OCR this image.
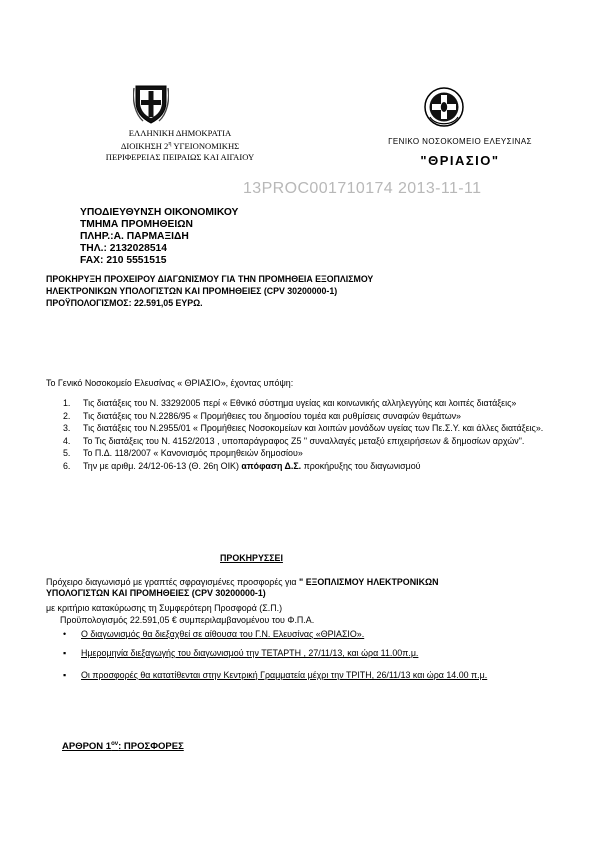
ΕΛΛΗΝΙΚΗ ΔΗΜΟΚΡΑΤΙΑ
ΔΙΟΙΚΗΣΗ $2^\eta$ ΥΓΕΙΟΝΟΜΙΚΗΣ
ΠΕΡΙΦΕΡΕΙΑΣ ΠΕΙΡΑΙΩΣ ΚΑΙ ΑΙΓΑΙΟΥ
ΓΕΝΙΚΟ ΝΟΣΟΚΟΜΕΙΟ ΕΛΕΥΣΙΝΑΣ
"ΘΡΙΑΣΙΟ"
13PROC001710174 2013-11-11
ΥΠΟΔΙΕΥΘΥΝΣΗ ΟΙΚΟΝΟΜΙΚΟΥ
ΤΜΗΜΑ ΠΡΟΜΗΘΕΙΩΝ
ΠΛΗΡ.:Α. ΠΑΡΜΑΞΙΔΗ
ΤΗΛ.: 2132028514
FAX: 210 5551515
ΠΡΟΚΗΡΥΞΗ ΠΡΟΧΕΙΡΟΥ ΔΙΑΓΩΝΙΣΜΟΥ ΓΙΑ ΤΗΝ ΠΡΟΜΗΘΕΙΑ ΕΞΟΠΛΙΣΜΟΥ
ΗΛΕΚΤΡΟΝΙΚΩΝ ΥΠΟΛΟΓΙΣΤΩΝ ΚΑΙ ΠΡΟΜΗΘΕΙΕΣ (CPV 30200000-1)
ΠΡΟΫΠΟΛΟΓΙΣΜΟΣ: 22.591,05 ΕΥΡΩ.
Το Γενικό Νοσοκομείο Ελευσίνας « ΘΡΙΑΣΙΟ», έχοντας υπόψη:
1. Τις διατάξεις του Ν. 33292005 περί « Εθνικό σύστημα υγείας και κοινωνικής αλληλεγγύης και λοιπές διατάξεις»
2. Τις διατάξεις του Ν.2286/95 « Προμήθειες του δημοσίου τομέα και ρυθμίσεις συναφών θεμάτων»
3. Τις διατάξεις του Ν.2955/01 « Προμήθειες Νοσοκομείων και λοιπών μονάδων υγείας των Πε.Σ.Υ. και άλλες διατάξεις».
4. Το Τις διατάξεις του Ν. 4152/2013 , υποπαράγραφος Ζ5 " συναλλαγές μεταξύ επιχειρήσεων & δημοσίων αρχών".
5. Το Π.Δ. 118/2007 « Κανονισμός προμηθειών δημοσίου»
6. Την με αριθμ. 24/12-06-13 (Θ. 26η ΟΙΚ) απόφαση Δ.Σ. προκήρυξης του διαγωνισμού
ΠΡΟΚΗΡΥΣΣΕΙ
Πρόχειρο διαγωνισμό με γραπτές σφραγισμένες προσφορές για " ΕΞΟΠΛΙΣΜΟΥ ΗΛΕΚΤΡΟΝΙΚΩΝ
ΥΠΟΛΟΓΙΣΤΩΝ ΚΑΙ ΠΡΟΜΗΘΕΙΕΣ (CPV 30200000-1)
με κριτήριο κατακύρωσης τη Συμφερότερη Προσφορά (Σ.Π.)
Προϋπολογισμός 22.591,05 € συμπεριλαμβανομένου του Φ.Π.Α.
• Ο διαγωνισμός θα διεξαχθεί σε αίθουσα του Γ.Ν. Ελευσίνας «ΘΡΙΑΣΙΟ».
▪ Ημερομηνία διεξαγωγής του διαγωνισμού την ΤΕΤΑΡΤΗ , 27/11/13, και ώρα 11.00π.μ.
▪ Οι προσφορές θα κατατίθενται στην Κεντρική Γραμματεία μέχρι την ΤΡΙΤΗ, 26/11/13 και ώρα 14.00 π.μ.
ΑΡΘΡΟΝ $1^{o\nu}$: ΠΡΟΣΦΟΡΕΣ
